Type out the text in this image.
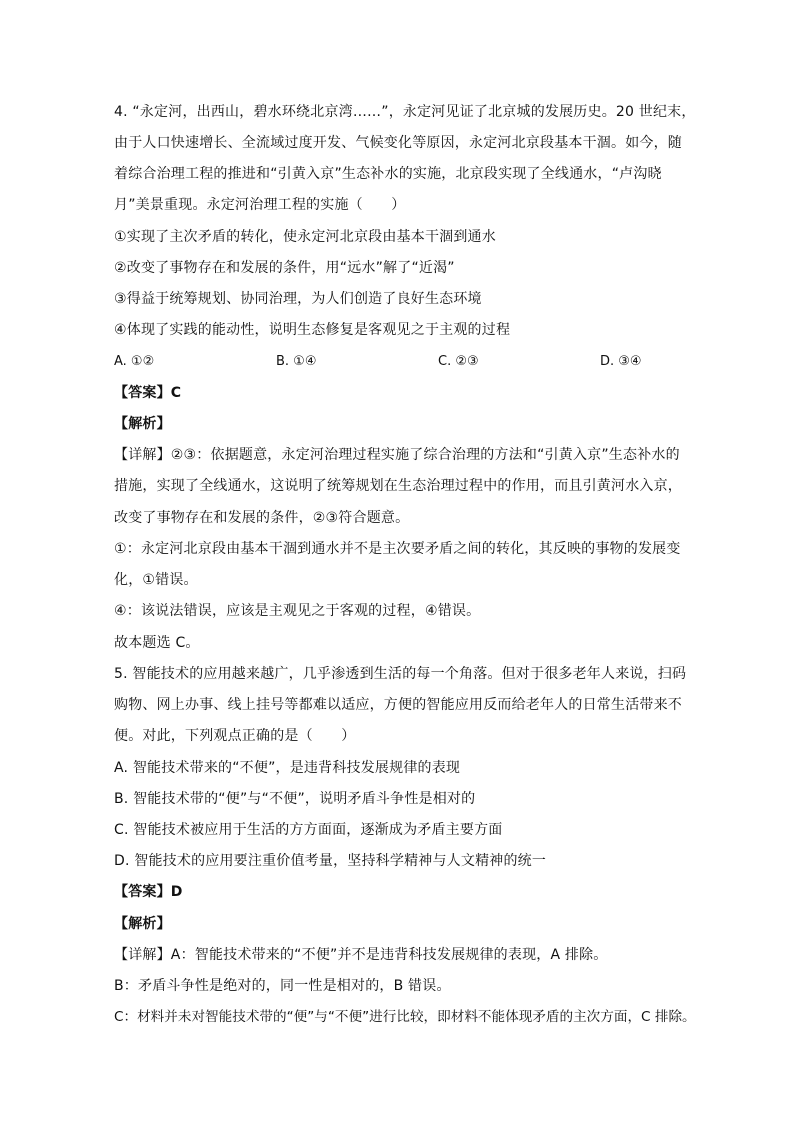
4. “永定河，出西山，碧水环绕北京湾……”，永定河见证了北京城的发展历史。20 世纪末，
由于人口快速增长、全流域过度开发、气候变化等原因，永定河北京段基本干涸。如今，随
着综合治理工程的推进和“引黄入京”生态补水的实施，北京段实现了全线通水，“卢沟晓
月”美景重现。永定河治理工程的实施（　　）
①实现了主次矛盾的转化，使永定河北京段由基本干涸到通水
②改变了事物存在和发展的条件，用“远水”解了“近渴”
③得益于统筹规划、协同治理，为人们创造了良好生态环境
④体现了实践的能动性，说明生态修复是客观见之于主观的过程
A. ①②	B. ①④	C. ②③	D. ③④
【答案】C
【解析】
【详解】②③：依据题意，永定河治理过程实施了综合治理的方法和“引黄入京”生态补水的
措施，实现了全线通水，这说明了统筹规划在生态治理过程中的作用，而且引黄河水入京，
改变了事物存在和发展的条件，②③符合题意。
①：永定河北京段由基本干涸到通水并不是主次要矛盾之间的转化，其反映的事物的发展变
化，①错误。
④：该说法错误，应该是主观见之于客观的过程，④错误。
故本题选 C。
5. 智能技术的应用越来越广，几乎渗透到生活的每一个角落。但对于很多老年人来说，扫码
购物、网上办事、线上挂号等都难以适应，方便的智能应用反而给老年人的日常生活带来不
便。对此，下列观点正确的是（　　）
A. 智能技术带来的“不便”，是违背科技发展规律的表现
B. 智能技术带的“便”与“不便”，说明矛盾斗争性是相对的
C. 智能技术被应用于生活的方方面面，逐渐成为矛盾主要方面
D. 智能技术的应用要注重价值考量，坚持科学精神与人文精神的统一
【答案】D
【解析】
【详解】A：智能技术带来的“不便”并不是违背科技发展规律的表现，A 排除。
B：矛盾斗争性是绝对的，同一性是相对的，B 错误。
C：材料并未对智能技术带的“便”与“不便”进行比较，即材料不能体现矛盾的主次方面，C 排除。
